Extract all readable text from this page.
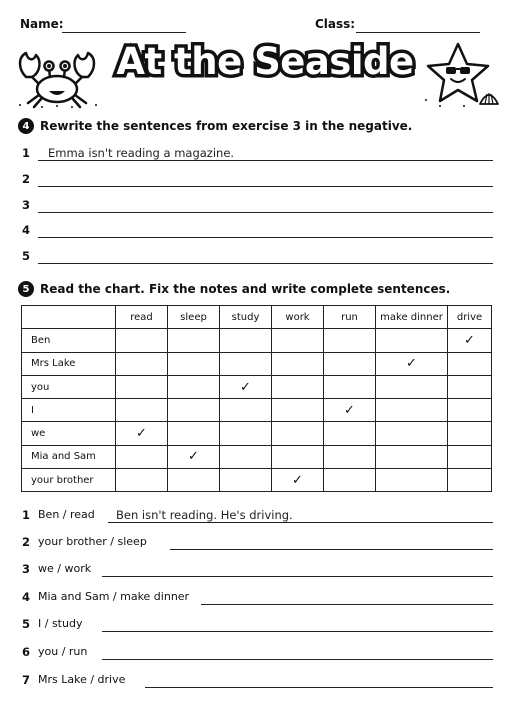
Name:	Class:
At the Seaside
4 Rewrite the sentences from exercise 3 in the negative.
1 Emma isn't reading a magazine.
2
3
4
5
5 Read the chart. Fix the notes and write complete sentences.
	read	sleep	study	work	run	make dinner	drive
Ben							✓
Mrs Lake						✓	
you			✓				
I					✓		
we	✓						
Mia and Sam		✓					
your brother				✓			
1 Ben / read Ben isn't reading. He's driving.
2 your brother / sleep
3 we / work
4 Mia and Sam / make dinner
5 I / study
6 you / run
7 Mrs Lake / drive
